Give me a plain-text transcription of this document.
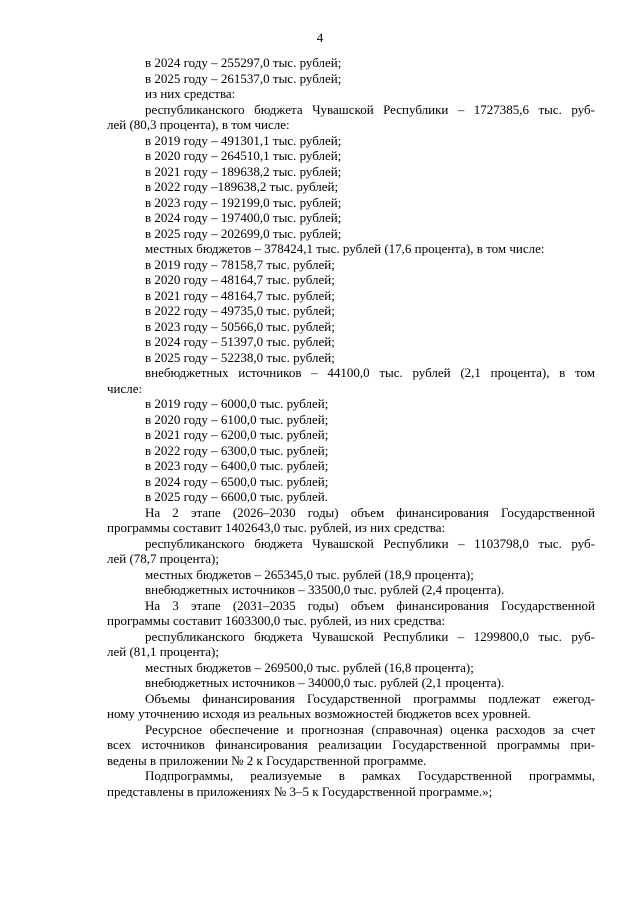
4
в 2024 году – 255297,0 тыс. рублей;
в 2025 году – 261537,0 тыс. рублей;
из них средства:
республиканского бюджета Чувашской Республики – 1727385,6 тыс. руб-
лей (80,3 процента), в том числе:
в 2019 году – 491301,1 тыс. рублей;
в 2020 году – 264510,1 тыс. рублей;
в 2021 году – 189638,2 тыс. рублей;
в 2022 году –189638,2 тыс. рублей;
в 2023 году – 192199,0 тыс. рублей;
в 2024 году – 197400,0 тыс. рублей;
в 2025 году – 202699,0 тыс. рублей;
местных бюджетов – 378424,1 тыс. рублей (17,6 процента), в том числе:
в 2019 году – 78158,7 тыс. рублей;
в 2020 году – 48164,7 тыс. рублей;
в 2021 году – 48164,7 тыс. рублей;
в 2022 году – 49735,0 тыс. рублей;
в 2023 году – 50566,0 тыс. рублей;
в 2024 году – 51397,0 тыс. рублей;
в 2025 году – 52238,0 тыс. рублей;
внебюджетных источников – 44100,0 тыс. рублей (2,1 процента), в том
числе:
в 2019 году – 6000,0 тыс. рублей;
в 2020 году – 6100,0 тыс. рублей;
в 2021 году – 6200,0 тыс. рублей;
в 2022 году – 6300,0 тыс. рублей;
в 2023 году – 6400,0 тыс. рублей;
в 2024 году – 6500,0 тыс. рублей;
в 2025 году – 6600,0 тыс. рублей.
На 2 этапе (2026–2030 годы) объем финансирования Государственной
программы составит 1402643,0 тыс. рублей, из них средства:
республиканского бюджета Чувашской Республики – 1103798,0 тыс. руб-
лей (78,7 процента);
местных бюджетов – 265345,0 тыс. рублей (18,9 процента);
внебюджетных источников – 33500,0 тыс. рублей (2,4 процента).
На 3 этапе (2031–2035 годы) объем финансирования Государственной
программы составит 1603300,0 тыс. рублей, из них средства:
республиканского бюджета Чувашской Республики – 1299800,0 тыс. руб-
лей (81,1 процента);
местных бюджетов – 269500,0 тыс. рублей (16,8 процента);
внебюджетных источников – 34000,0 тыс. рублей (2,1 процента).
Объемы финансирования Государственной программы подлежат ежегод-
ному уточнению исходя из реальных возможностей бюджетов всех уровней.
Ресурсное обеспечение и прогнозная (справочная) оценка расходов за счет
всех источников финансирования реализации Государственной программы при-
ведены в приложении № 2 к Государственной программе.
Подпрограммы, реализуемые в рамках Государственной программы,
представлены в приложениях № 3–5 к Государственной программе.»;
